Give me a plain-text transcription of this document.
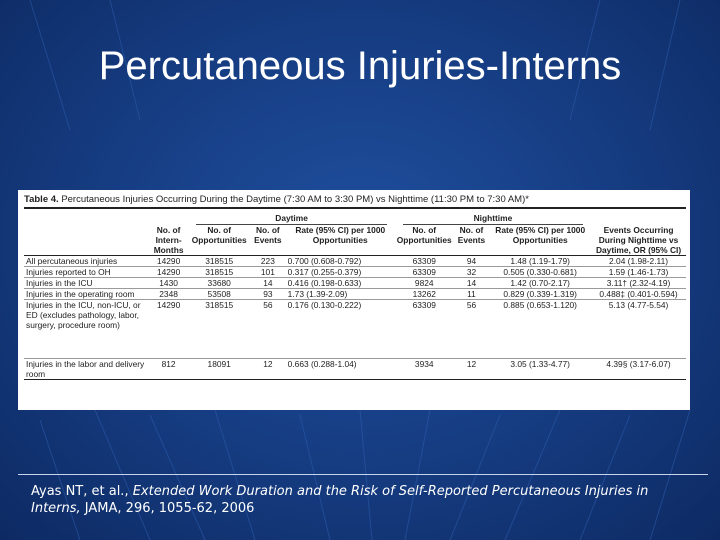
Percutaneous Injuries-Interns
Table 4. Percutaneous Injuries Occurring During the Daytime (7:30 AM to 3:30 PM) vs Nighttime (11:30 PM to 7:30 AM)*
		Daytime			Nighttime		

	No. of Intern-Months	No. of Opportunities	No. of Events	Rate (95% CI) per 1000 Opportunities	No. of Opportunities	No. of Events	Rate (95% CI) per 1000 Opportunities	Events Occurring During Nighttime vs Daytime, OR (95% CI)
All percutaneous injuries	14290	318515	223	0.700 (0.608-0.792)	63309	94	1.48 (1.19-1.79)	2.04 (1.98-2.11)
Injuries reported to OH	14290	318515	101	0.317 (0.255-0.379)	63309	32	0.505 (0.330-0.681)	1.59 (1.46-1.73)
Injuries in the ICU	1430	33680	14	0.416 (0.198-0.633)	9824	14	1.42 (0.70-2.17)	3.11† (2.32-4.19)
Injuries in the operating room	2348	53508	93	1.73 (1.39-2.09)	13262	11	0.829 (0.339-1.319)	0.488‡ (0.401-0.594)
Injuries in the ICU, non-ICU, or ED (excludes pathology, labor, surgery, procedure room)	14290	318515	56	0.176 (0.130-0.222)	63309	56	0.885 (0.653-1.120)	5.13 (4.77-5.54)
Injuries in the labor and delivery room	812	18091	12	0.663 (0.288-1.04)	3934	12	3.05 (1.33-4.77)	4.39§ (3.17-6.07)
Ayas NT, et al., Extended Work Duration and the Risk of Self-Reported Percutaneous Injuries in Interns, JAMA, 296, 1055-62, 2006
